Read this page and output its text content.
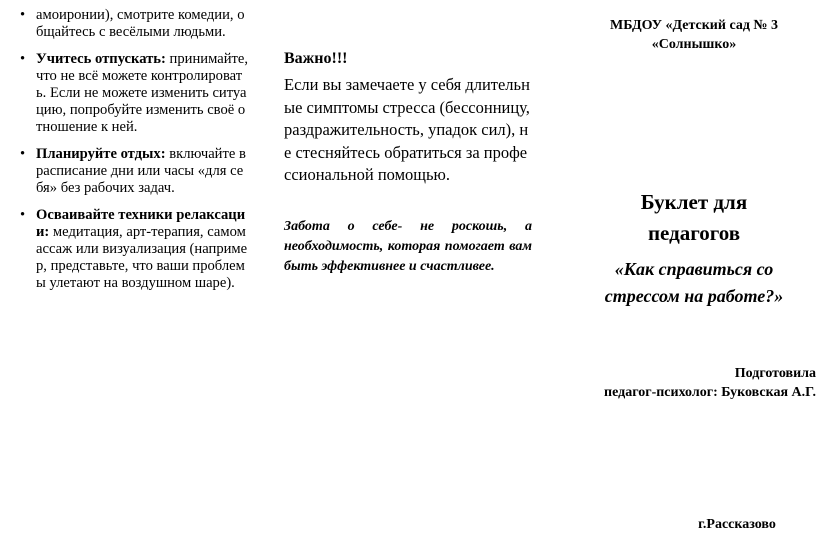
• амоиронии), смотрите комедии, общайтесь с весёлыми людьми.
• Учитесь отпускать: принимайте, что не всё можете контролировать. Если не можете изменить ситуацию, попробуйте изменить своё отношение к ней.
• Планируйте отдых: включайте в расписание дни или часы «для себя» без рабочих задач.
• Осваивайте техники релаксации: медитация, арт-терапия, самомассаж или визуализация (например, представьте, что ваши проблемы улетают на воздушном шаре).

Важно!!!

Если вы замечаете у себя длительные симптомы стресса (бессонницу, раздражительность, упадок сил), не стесняйтесь обратиться за профессиональной помощью.

Забота о себе- не роскошь, а необходимость, которая помогает вам быть эффективнее и счастливее.

МБДОУ «Детский сад № 3
«Солнышко»
Буклет для
педагогов
«Как справиться со
стрессом на работе?»
Подготовила
педагог-психолог: Буковская А.Г.
г.Рассказово
